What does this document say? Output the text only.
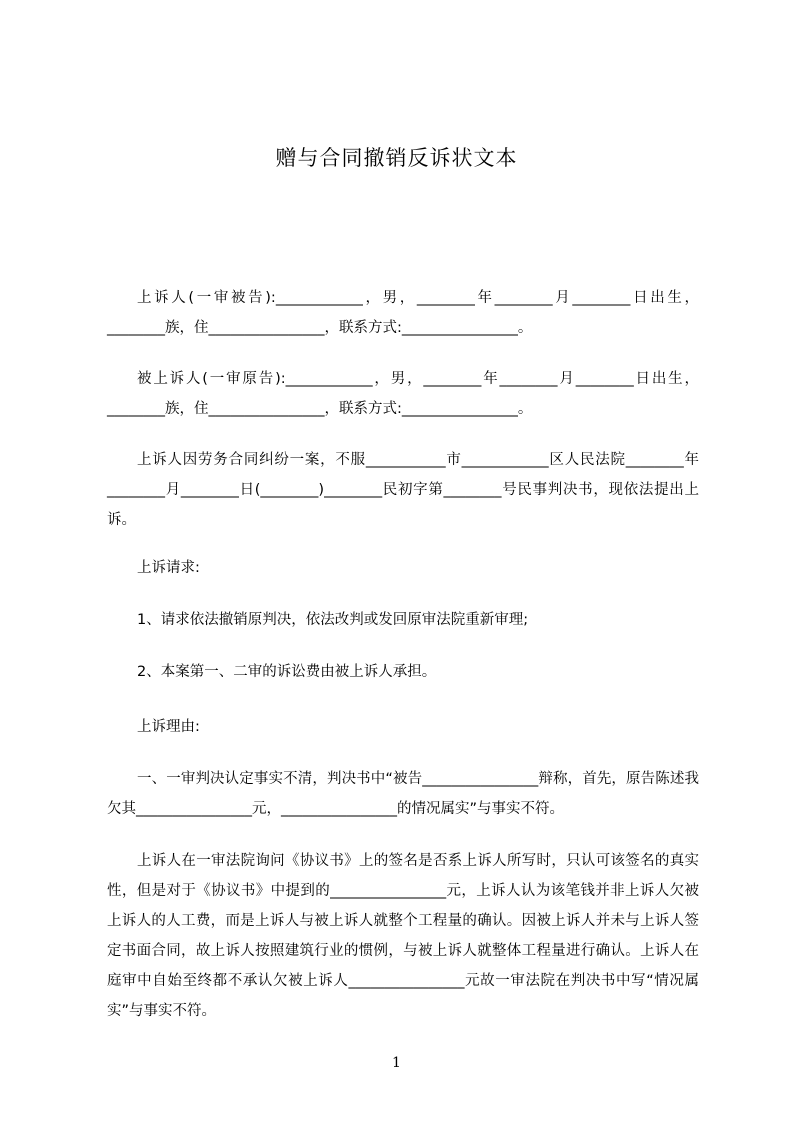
赠与合同撤销反诉状文本

上诉人(一审被告):____________，男，________年________月________日出生，________族，住________________，联系方式:________________。

被上诉人(一审原告):____________，男，________年________月________日出生，________族，住________________，联系方式:________________。

上诉人因劳务合同纠纷一案，不服___________市____________区人民法院________年________月________日(________)________民初字第________号民事判决书，现依法提出上诉。

上诉请求:

1、请求依法撤销原判决，依法改判或发回原审法院重新审理;

2、本案第一、二审的诉讼费由被上诉人承担。

上诉理由:

一、一审判决认定事实不清，判决书中“被告________________辩称，首先，原告陈述我欠其________________元，________________的情况属实”与事实不符。

上诉人在一审法院询问《协议书》上的签名是否系上诉人所写时，只认可该签名的真实性，但是对于《协议书》中提到的________________元，上诉人认为该笔钱并非上诉人欠被上诉人的人工费，而是上诉人与被上诉人就整个工程量的确认。因被上诉人并未与上诉人签定书面合同，故上诉人按照建筑行业的惯例，与被上诉人就整体工程量进行确认。上诉人在庭审中自始至终都不承认欠被上诉人________________元故一审法院在判决书中写“情况属实”与事实不符。

1
